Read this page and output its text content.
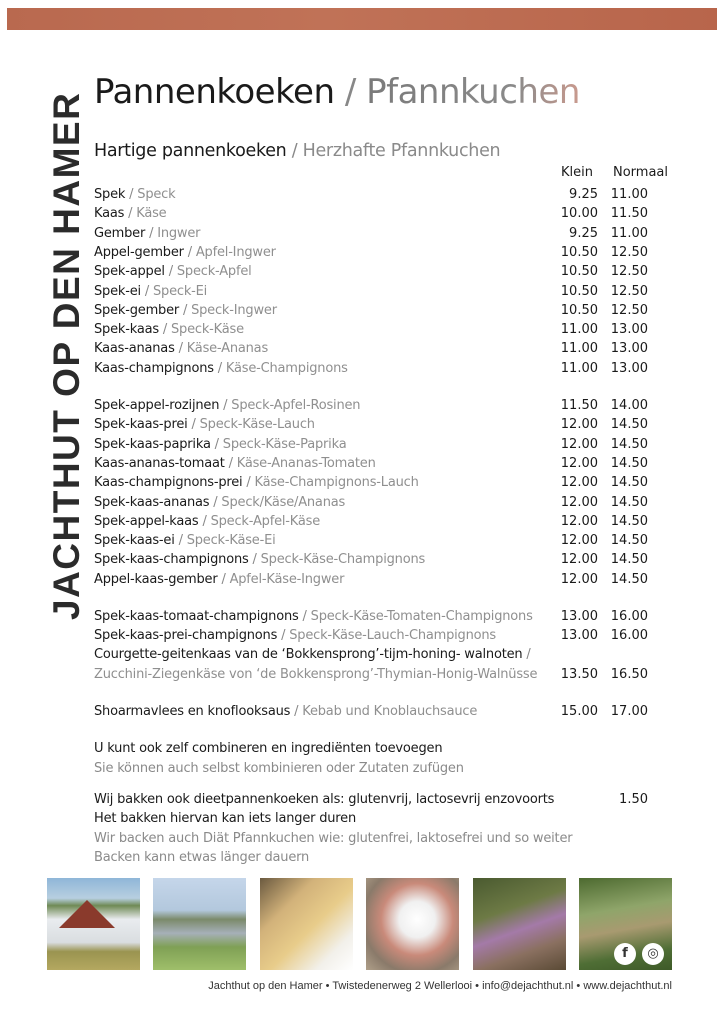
JACHTHUT OP DEN HAMER Pannenkoeken / Pfannkuchen
Hartige pannenkoeken / Herzhafte Pfannkuchen
Klein Normaal
Spek / Speck	9.25 11.00
Kaas / Käse	10.00 11.50
Gember / Ingwer	9.25 11.00
Appel-gember / Apfel-Ingwer	10.50 12.50
Spek-appel / Speck-Apfel	10.50 12.50
Spek-ei / Speck-Ei	10.50 12.50
Spek-gember / Speck-Ingwer	10.50 12.50
Spek-kaas / Speck-Käse	11.00 13.00
Kaas-ananas / Käse-Ananas	11.00 13.00
Kaas-champignons / Käse-Champignons	11.00 13.00
Spek-appel-rozijnen / Speck-Apfel-Rosinen	11.50 14.00
Spek-kaas-prei / Speck-Käse-Lauch	12.00 14.50
Spek-kaas-paprika / Speck-Käse-Paprika	12.00 14.50
Kaas-ananas-tomaat / Käse-Ananas-Tomaten	12.00 14.50
Kaas-champignons-prei / Käse-Champignons-Lauch	12.00 14.50
Spek-kaas-ananas / Speck/Käse/Ananas	12.00 14.50
Spek-appel-kaas / Speck-Apfel-Käse	12.00 14.50
Spek-kaas-ei / Speck-Käse-Ei	12.00 14.50
Spek-kaas-champignons / Speck-Käse-Champignons	12.00 14.50
Appel-kaas-gember / Apfel-Käse-Ingwer	12.00 14.50
Spek-kaas-tomaat-champignons / Speck-Käse-Tomaten-Champignons	13.00 16.00
Spek-kaas-prei-champignons / Speck-Käse-Lauch-Champignons	13.00 16.00
Courgette-geitenkaas van de ‘Bokkensprong’-tijm-honing- walnoten /
Zucchini-Ziegenkäse von ‘de Bokkensprong’-Thymian-Honig-Walnüsse	13.50 16.50
Shoarmavlees en knoflooksaus / Kebab und Knoblauchsauce	15.00 17.00
U kunt ook zelf combineren en ingrediënten toevoegen
Sie können auch selbst kombinieren oder Zutaten zufügen
Wij bakken ook dieetpannenkoeken als: glutenvrij, lactosevrij enzovoorts	1.50
Het bakken hiervan kan iets langer duren
Wir backen auch Diät Pfannkuchen wie: glutenfrei, laktosefrei und so weiter
Backen kann etwas länger dauern
f	◎
Jachthut op den Hamer • Twistedenerweg 2 Wellerlooi • info@dejachthut.nl • www.dejachthut.nl
